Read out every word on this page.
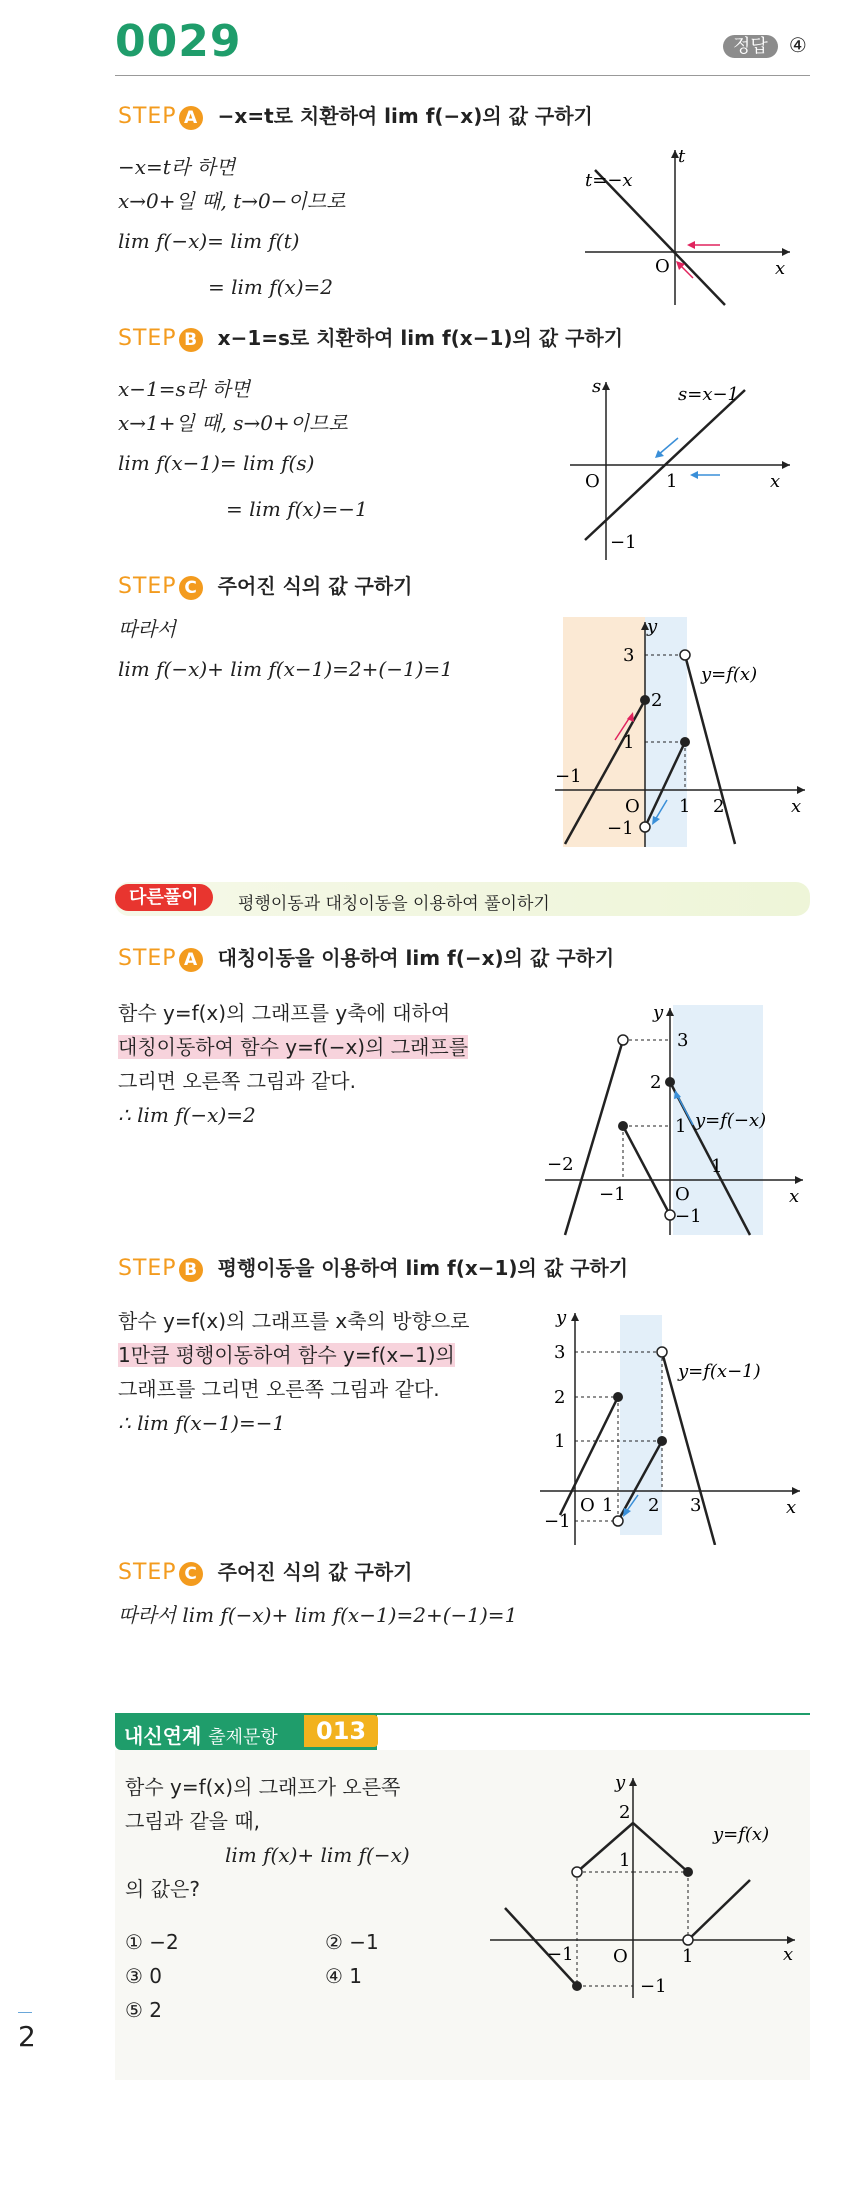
0029	정답 ④
STEP A −x=t로 치환하여 lim f(−x)의 값 구하기
−x=t라 하면
x→0+일 때, t→0−이므로
lim f(−x)= lim f(t)
= lim f(x)=2
t
x
O
t=−x
STEP B x−1=s로 치환하여 lim f(x−1)의 값 구하기
x−1=s라 하면
x→1+일 때, s→0+이므로
lim f(x−1)= lim f(s)
= lim f(x)=−1
s
x
O	1
−1
s=x−1
STEP C 주어진 식의 값 구하기
따라서
lim f(−x)+ lim f(x−1)=2+(−1)=1
y
x
3
2
1
−1
O 1 2
−1
y=f(x)
다른풀이	평행이동과 대칭이동을 이용하여 풀이하기
STEP A 대칭이동을 이용하여 lim f(−x)의 값 구하기
함수 y=f(x)의 그래프를 y축에 대하여
대칭이동하여 함수 y=f(−x)의 그래프를
그리면 오른쪽 그림과 같다.
∴ lim f(−x)=2
y
x
3
2
1
−2
−1	O
1
−1
y=f(−x)
STEP B 평행이동을 이용하여 lim f(x−1)의 값 구하기
함수 y=f(x)의 그래프를 x축의 방향으로
1만큼 평행이동하여 함수 y=f(x−1)의
그래프를 그리면 오른쪽 그림과 같다.
∴ lim f(x−1)=−1
y
x
3
2
1
O 1 2 3
−1
y=f(x−1)
STEP C 주어진 식의 값 구하기
따라서 lim f(−x)+ lim f(x−1)=2+(−1)=1
내신연계 출제문항	013
함수 y=f(x)의 그래프가 오른쪽
그림과 같을 때,
lim f(x)+ lim f(−x)
의 값은?
① −2	② −1
③ 0	④ 1
⑤ 2
y
x
2
1
−1 O	1
−1
y=f(x)
2
